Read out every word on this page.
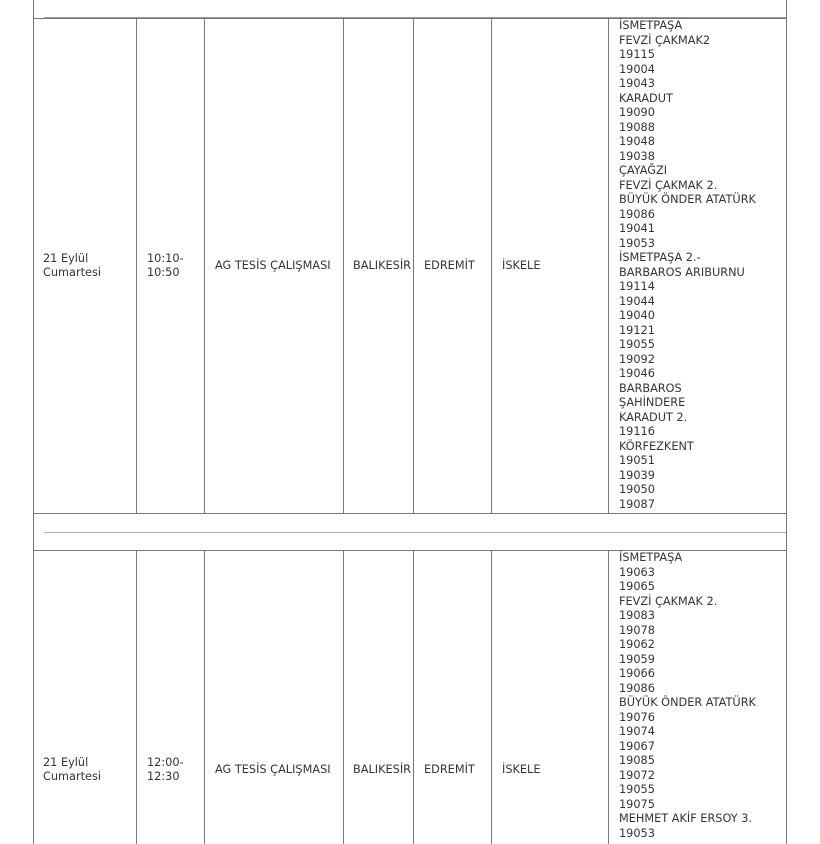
21 Eylül
Cumartesi
10:10-
10:50
AG TESİS ÇALIŞMASI BALIKESİR EDREMİT İSKELE
İSMETPAŞA
FEVZİ ÇAKMAK2
19115
19004
19043
KARADUT
19090
19088
19048
19038
ÇAYAĞZI
FEVZİ ÇAKMAK 2.
BÜYÜK ÖNDER ATATÜRK
19086
19041
19053
İSMETPAŞA 2.-
BARBAROS ARIBURNU
19114
19044
19040
19121
19055
19092
19046
BARBAROS
ŞAHİNDERE
KARADUT 2.
19116
KÖRFEZKENT
19051
19039
19050
19087
21 Eylül
Cumartesi
12:00-
12:30
AG TESİS ÇALIŞMASI BALIKESİR EDREMİT İSKELE
İSMETPAŞA
19063
19065
FEVZİ ÇAKMAK 2.
19083
19078
19062
19059
19066
19086
BÜYÜK ÖNDER ATATÜRK
19076
19074
19067
19085
19072
19055
19075
MEHMET AKİF ERSOY 3.
19053
